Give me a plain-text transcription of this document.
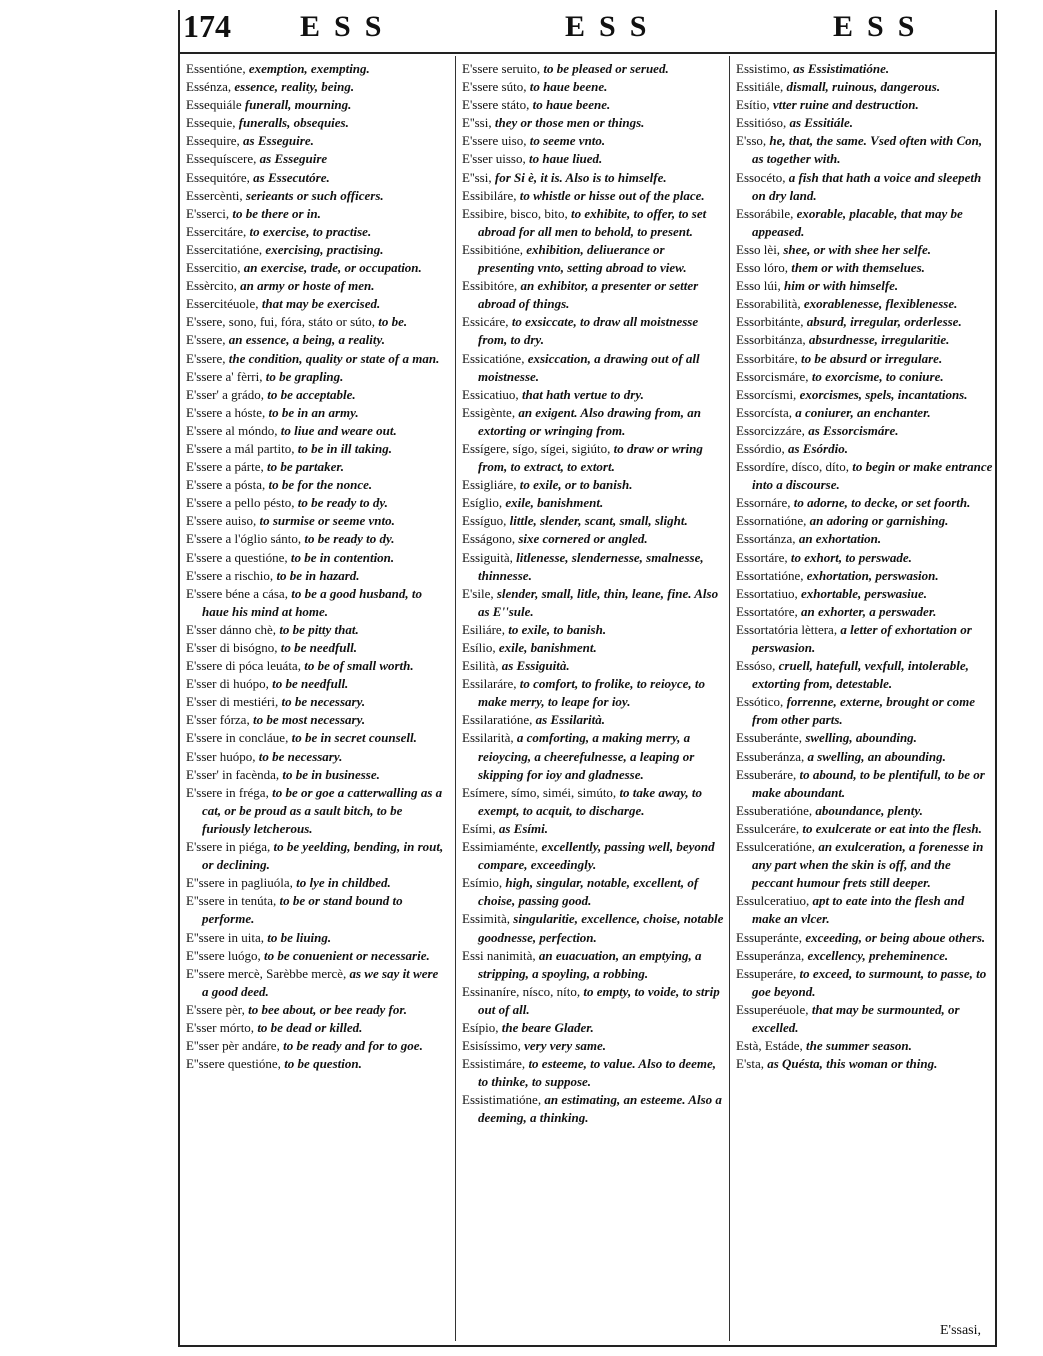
174 ESS	ESS	ESS

Essentióne, exemption, exempting.

Essénza, essence, reality, being.

Essequiále funerall, mourning.

Essequie, funeralls, obsequies.

Essequire, as Esseguire.

Essequíscere, as Esseguire

Essequitóre, as Essecutóre.

Essercènti, serieants or such officers.

E'sserci, to be there or in.

Essercitáre, to exercise, to practise.

Essercitatióne, exercising, practising.

Essercitio, an exercise, trade, or occupation.

Essèrcito, an army or hoste of men.

Essercitéuole, that may be exercised.

E'ssere, sono, fui, fóra, státo or súto, to be.

E'ssere, an essence, a being, a reality.

E'ssere, the condition, quality or state of a man.

E'ssere a' fèrri, to be grapling.

E'sser' a grádo, to be acceptable.

E'ssere a hóste, to be in an army.

E'ssere al móndo, to liue and weare out.

E'ssere a mál partito, to be in ill taking.

E'ssere a párte, to be partaker.

E'ssere a pósta, to be for the nonce.

E'ssere a pello pésto, to be ready to dy.

E'ssere auiso, to surmise or seeme vnto.

E'ssere a l'óglio sánto, to be ready to dy.

E'ssere a questióne, to be in contention.

E'ssere a rischio, to be in hazard.

E'ssere béne a cása, to be a good husband, to haue his mind at home.

E'sser dánno chè, to be pitty that.

E'sser di bisógno, to be needfull.

E'ssere di póca leuáta, to be of small worth.

E'sser di huópo, to be needfull.

E'sser di mestiéri, to be necessary.

E'sser fórza, to be most necessary.

E'ssere in concláue, to be in secret counsell.

E'sser huópo, to be necessary.

E'sser' in facènda, to be in businesse.

E'ssere in frégа, to be or goe a catterwalling as a cat, or be proud as a sault bitch, to be furiously letcherous.

E'ssere in piéga, to be yeelding, bending, in rout, or declining.

E''ssere in pagliuóla, to lye in childbed.

E''ssere in tenúta, to be or stand bound to performe.

E''ssere in uita, to be liuing.

E''ssere luógo, to be conuenient or necessarie.

E''ssere mercè, Sarèbbe mercè, as we say it were a good deed.

E'ssere pèr, to bee about, or bee ready for.

E'sser mórto, to be dead or killed.

E''sser pèr andáre, to be ready and for to goe.

E''ssere questióne, to be question.

E'ssere seruito, to be pleased or serued.

E'ssere súto, to haue beene.

E'ssere státo, to haue beene.

E''ssi, they or those men or things.

E'ssere uiso, to seeme vnto.

E'sser uisso, to haue liued.

E''ssi, for Si è, it is. Also is to himselfe.

Essibiláre, to whistle or hisse out of the place.

Essibire, bisco, bito, to exhibite, to offer, to set abroad for all men to behold, to present.

Essibitióne, exhibition, deliuerance or presenting vnto, setting abroad to view.

Essibitóre, an exhibitor, a presenter or setter abroad of things.

Essicáre, to exsiccate, to draw all moistnesse from, to dry.

Essicatióne, exsiccation, a drawing out of all moistnesse.

Essicatiuo, that hath vertue to dry.

Essigènte, an exigent. Also drawing from, an extorting or wringing from.

Essígere, sígo, sígei, sigiúto, to draw or wring from, to extract, to extort.

Essigliáre, to exile, or to banish.

Esíglio, exile, banishment.

Essíguo, little, slender, scant, small, slight.

Esságono, sixe cornered or angled.

Essiguità, litlenesse, slendernesse, smalnesse, thinnesse.

E'sile, slender, small, litle, thin, leane, fine. Also as E''sule.

Esiliáre, to exile, to banish.

Esílio, exile, banishment.

Esilità, as Essiguità.

Essilaráre, to comfort, to frolike, to reioyce, to make merry, to leape for ioy.

Essilaratióne, as Essilarità.

Essilarità, a comforting, a making merry, a reioycing, a cheerefulnesse, a leaping or skipping for ioy and gladnesse.

Esímere, símo, siméi, simúto, to take away, to exempt, to acquit, to discharge.

Esími, as Esími.

Essimiaménte, excellently, passing well, beyond compare, exceedingly.

Esímio, high, singular, notable, excellent, of choise, passing good.

Essimità, singularitie, excellence, choise, notable goodnesse, perfection.

Essi nanimità, an euacuation, an emptying, a stripping, a spoyling, a robbing.

Essinaníre, nísco, níto, to empty, to voide, to strip out of all.

Esípio, the beare Glader.

Esisíssimo, very very same.

Essistimáre, to esteeme, to value. Also to deeme, to thinke, to suppose.

Essistimatióne, an estimating, an esteeme. Also a deeming, a thinking.

Essistimo, as Essistimatióne.

Essitiále, dismall, ruinous, dangerous.

Esítio, vtter ruine and destruction.

Essitióso, as Essitiále.

E'sso, he, that, the same. Vsed often with Con, as together with.

Essocéto, a fish that hath a voice and sleepeth on dry land.

Essorábile, exorable, placable, that may be appeased.

Esso lèi, shee, or with shee her selfe.

Esso lóro, them or with themselues.

Esso lúi, him or with himselfe.

Essorabilità, exorablenesse, flexiblenesse.

Essorbitánte, absurd, irregular, orderlesse.

Essorbitánza, absurdnesse, irregularitie.

Essorbitáre, to be absurd or irregulare.

Essorcismáre, to exorcisme, to coniure.

Essorcísmi, exorcismes, spels, incantations.

Essorcísta, a coniurer, an enchanter.

Essorcizzáre, as Essorcismáre.

Essórdio, as Esórdio.

Essordíre, dísco, díto, to begin or make entrance into a discourse.

Essornáre, to adorne, to decke, or set foorth.

Essornatióne, an adoring or garnishing.

Essortánza, an exhortation.

Essortáre, to exhort, to perswade.

Essortatióne, exhortation, perswasion.

Essortatiuo, exhortable, perswasiue.

Essortatóre, an exhorter, a perswader.

Essortatória lèttera, a letter of exhortation or perswasion.

Essóso, cruell, hatefull, vexfull, intolerable, extorting from, detestable.

Essótico, forrenne, externe, brought or come from other parts.

Essuberánte, swelling, abounding.

Essuberánza, a swelling, an abounding.

Essuberáre, to abound, to be plentifull, to be or make aboundant.

Essuberatióne, aboundance, plenty.

Essulceráre, to exulcerate or eat into the flesh.

Essulceratióne, an exulceration, a forenesse in any part when the skin is off, and the peccant humour frets still deeper.

Essulceratiuo, apt to eate into the flesh and make an vlcer.

Essuperánte, exceeding, or being aboue others.

Essuperánza, excellency, preheminence.

Essuperáre, to exceed, to surmount, to passe, to goe beyond.

Essuperéuole, that may be surmounted, or excelled.

Està, Estáde, the summer season.

E'sta, as Quésta, this woman or thing.

E'ssasi,
